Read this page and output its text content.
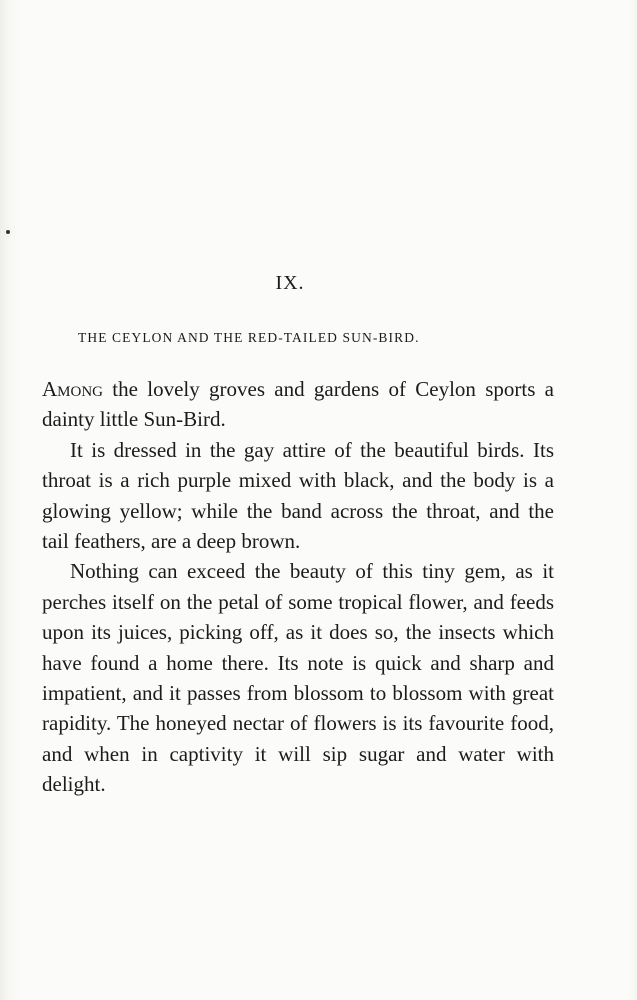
IX.
THE CEYLON AND THE RED-TAILED SUN-BIRD.

Among the lovely groves and gardens of Ceylon sports a dainty little Sun-Bird.

It is dressed in the gay attire of the beautiful birds. Its throat is a rich purple mixed with black, and the body is a glowing yellow; while the band across the throat, and the tail feathers, are a deep brown.

Nothing can exceed the beauty of this tiny gem, as it perches itself on the petal of some tropical flower, and feeds upon its juices, picking off, as it does so, the insects which have found a home there. Its note is quick and sharp and impatient, and it passes from blossom to blossom with great rapidity. The honeyed nectar of flowers is its favourite food, and when in captivity it will sip sugar and water with delight.
